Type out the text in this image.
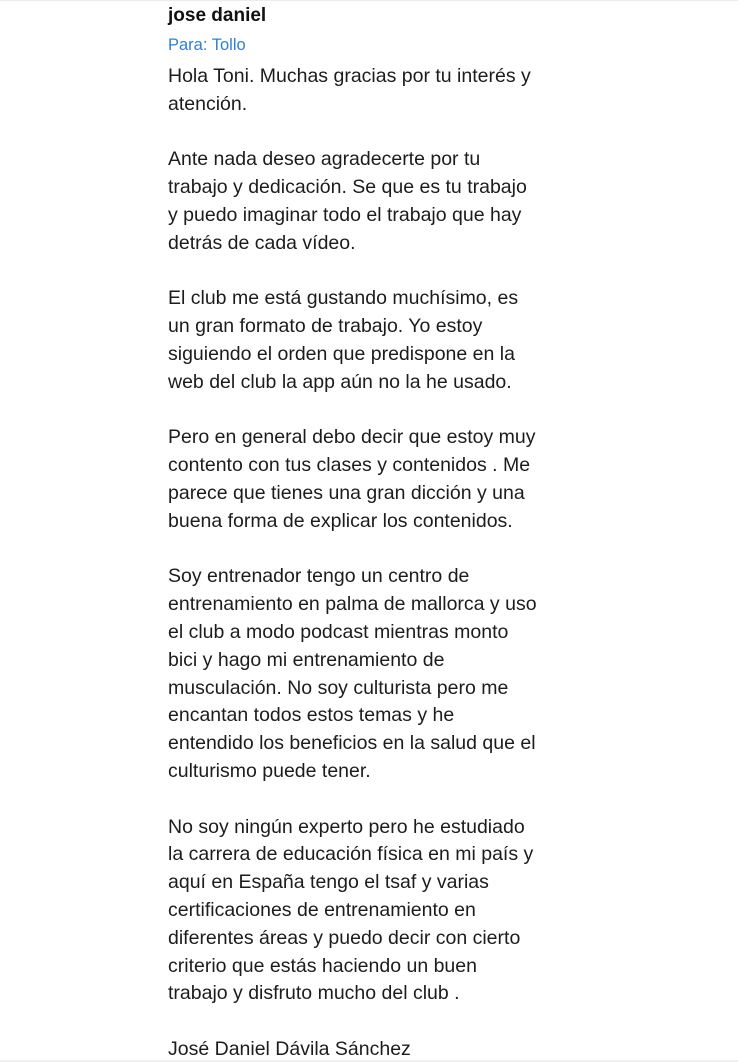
jose daniel

Para: Tollo

Hola Toni. Muchas gracias por tu interés y
atención.

Ante nada deseo agradecerte por tu
trabajo y dedicación. Se que es tu trabajo
y puedo imaginar todo el trabajo que hay
detrás de cada vídeo.

El club me está gustando muchísimo, es
un gran formato de trabajo. Yo estoy
siguiendo el orden que predispone en la
web del club la app aún no la he usado.

Pero en general debo decir que estoy muy
contento con tus clases y contenidos . Me
parece que tienes una gran dicción y una
buena forma de explicar los contenidos.

Soy entrenador tengo un centro de
entrenamiento en palma de mallorca y uso
el club a modo podcast mientras monto
bici y hago mi entrenamiento de
musculación. No soy culturista pero me
encantan todos estos temas y he
entendido los beneficios en la salud que el
culturismo puede tener.

No soy ningún experto pero he estudiado
la carrera de educación física en mi país y
aquí en España tengo el tsaf y varias
certificaciones de entrenamiento en
diferentes áreas y puedo decir con cierto
criterio que estás haciendo un buen
trabajo y disfruto mucho del club .

José Daniel Dávila Sánchez
